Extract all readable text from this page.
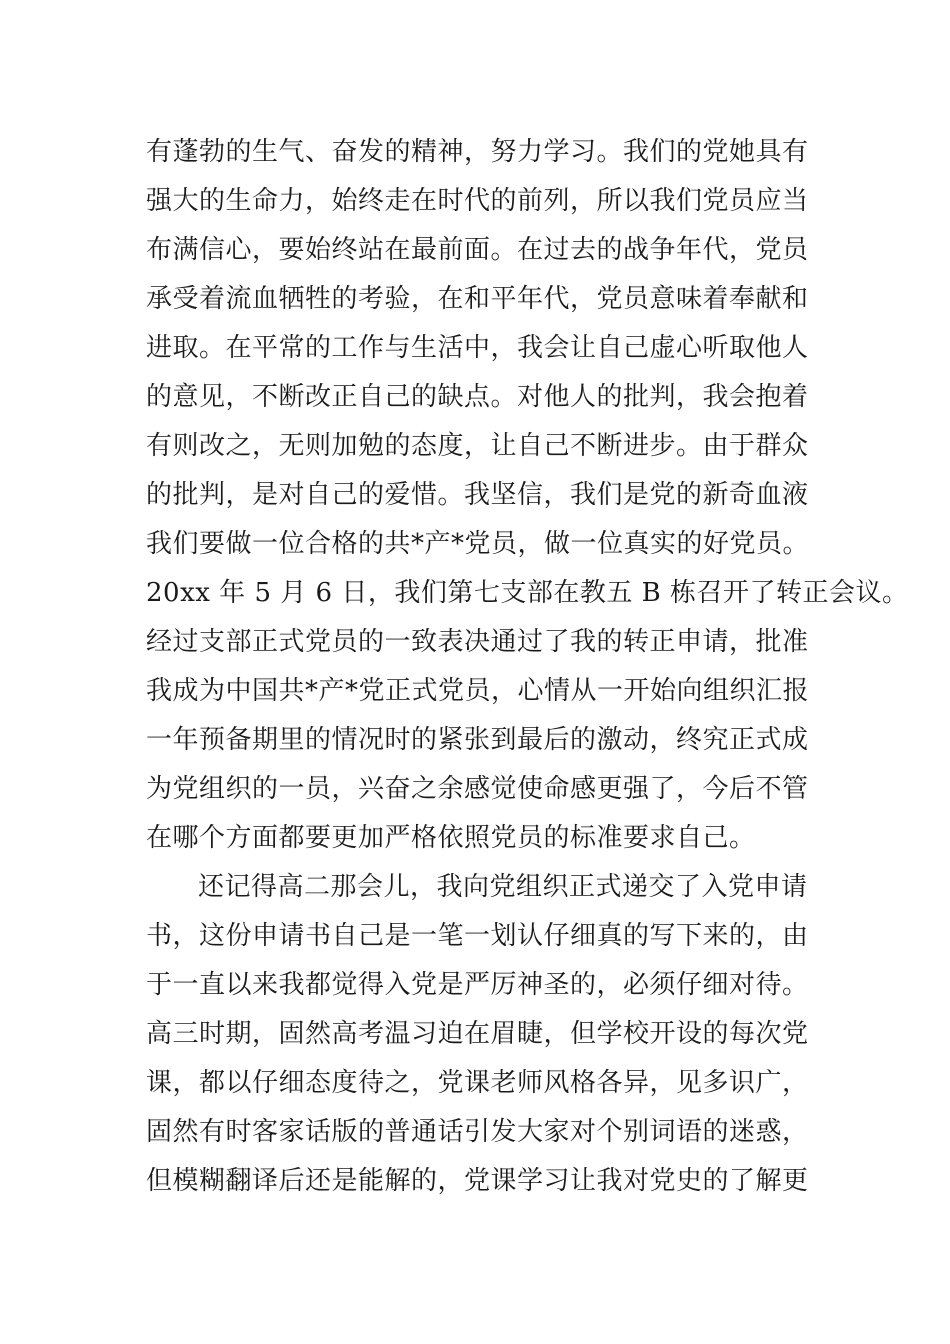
有蓬勃的生气、奋发的精神，努力学习。我们的党她具有
强大的生命力，始终走在时代的前列，所以我们党员应当
布满信心，要始终站在最前面。在过去的战争年代，党员
承受着流血牺牲的考验，在和平年代，党员意味着奉献和
进取。在平常的工作与生活中，我会让自己虚心听取他人
的意见，不断改正自己的缺点。对他人的批判，我会抱着
有则改之，无则加勉的态度，让自己不断进步。由于群众
的批判，是对自己的爱惜。我坚信，我们是党的新奇血液
我们要做一位合格的共*产*党员，做一位真实的好党员。
20xx 年 5 月 6 日，我们第七支部在教五 B 栋召开了转正会议。
经过支部正式党员的一致表决通过了我的转正申请，批准
我成为中国共*产*党正式党员，心情从一开始向组织汇报
一年预备期里的情况时的紧张到最后的激动，终究正式成
为党组织的一员，兴奋之余感觉使命感更强了，今后不管
在哪个方面都要更加严格依照党员的标准要求自己。
还记得高二那会儿，我向党组织正式递交了入党申请
书，这份申请书自己是一笔一划认仔细真的写下来的，由
于一直以来我都觉得入党是严厉神圣的，必须仔细对待。
高三时期，固然高考温习迫在眉睫，但学校开设的每次党
课，都以仔细态度待之，党课老师风格各异，见多识广，
固然有时客家话版的普通话引发大家对个别词语的迷惑，
但模糊翻译后还是能解的，党课学习让我对党史的了解更
